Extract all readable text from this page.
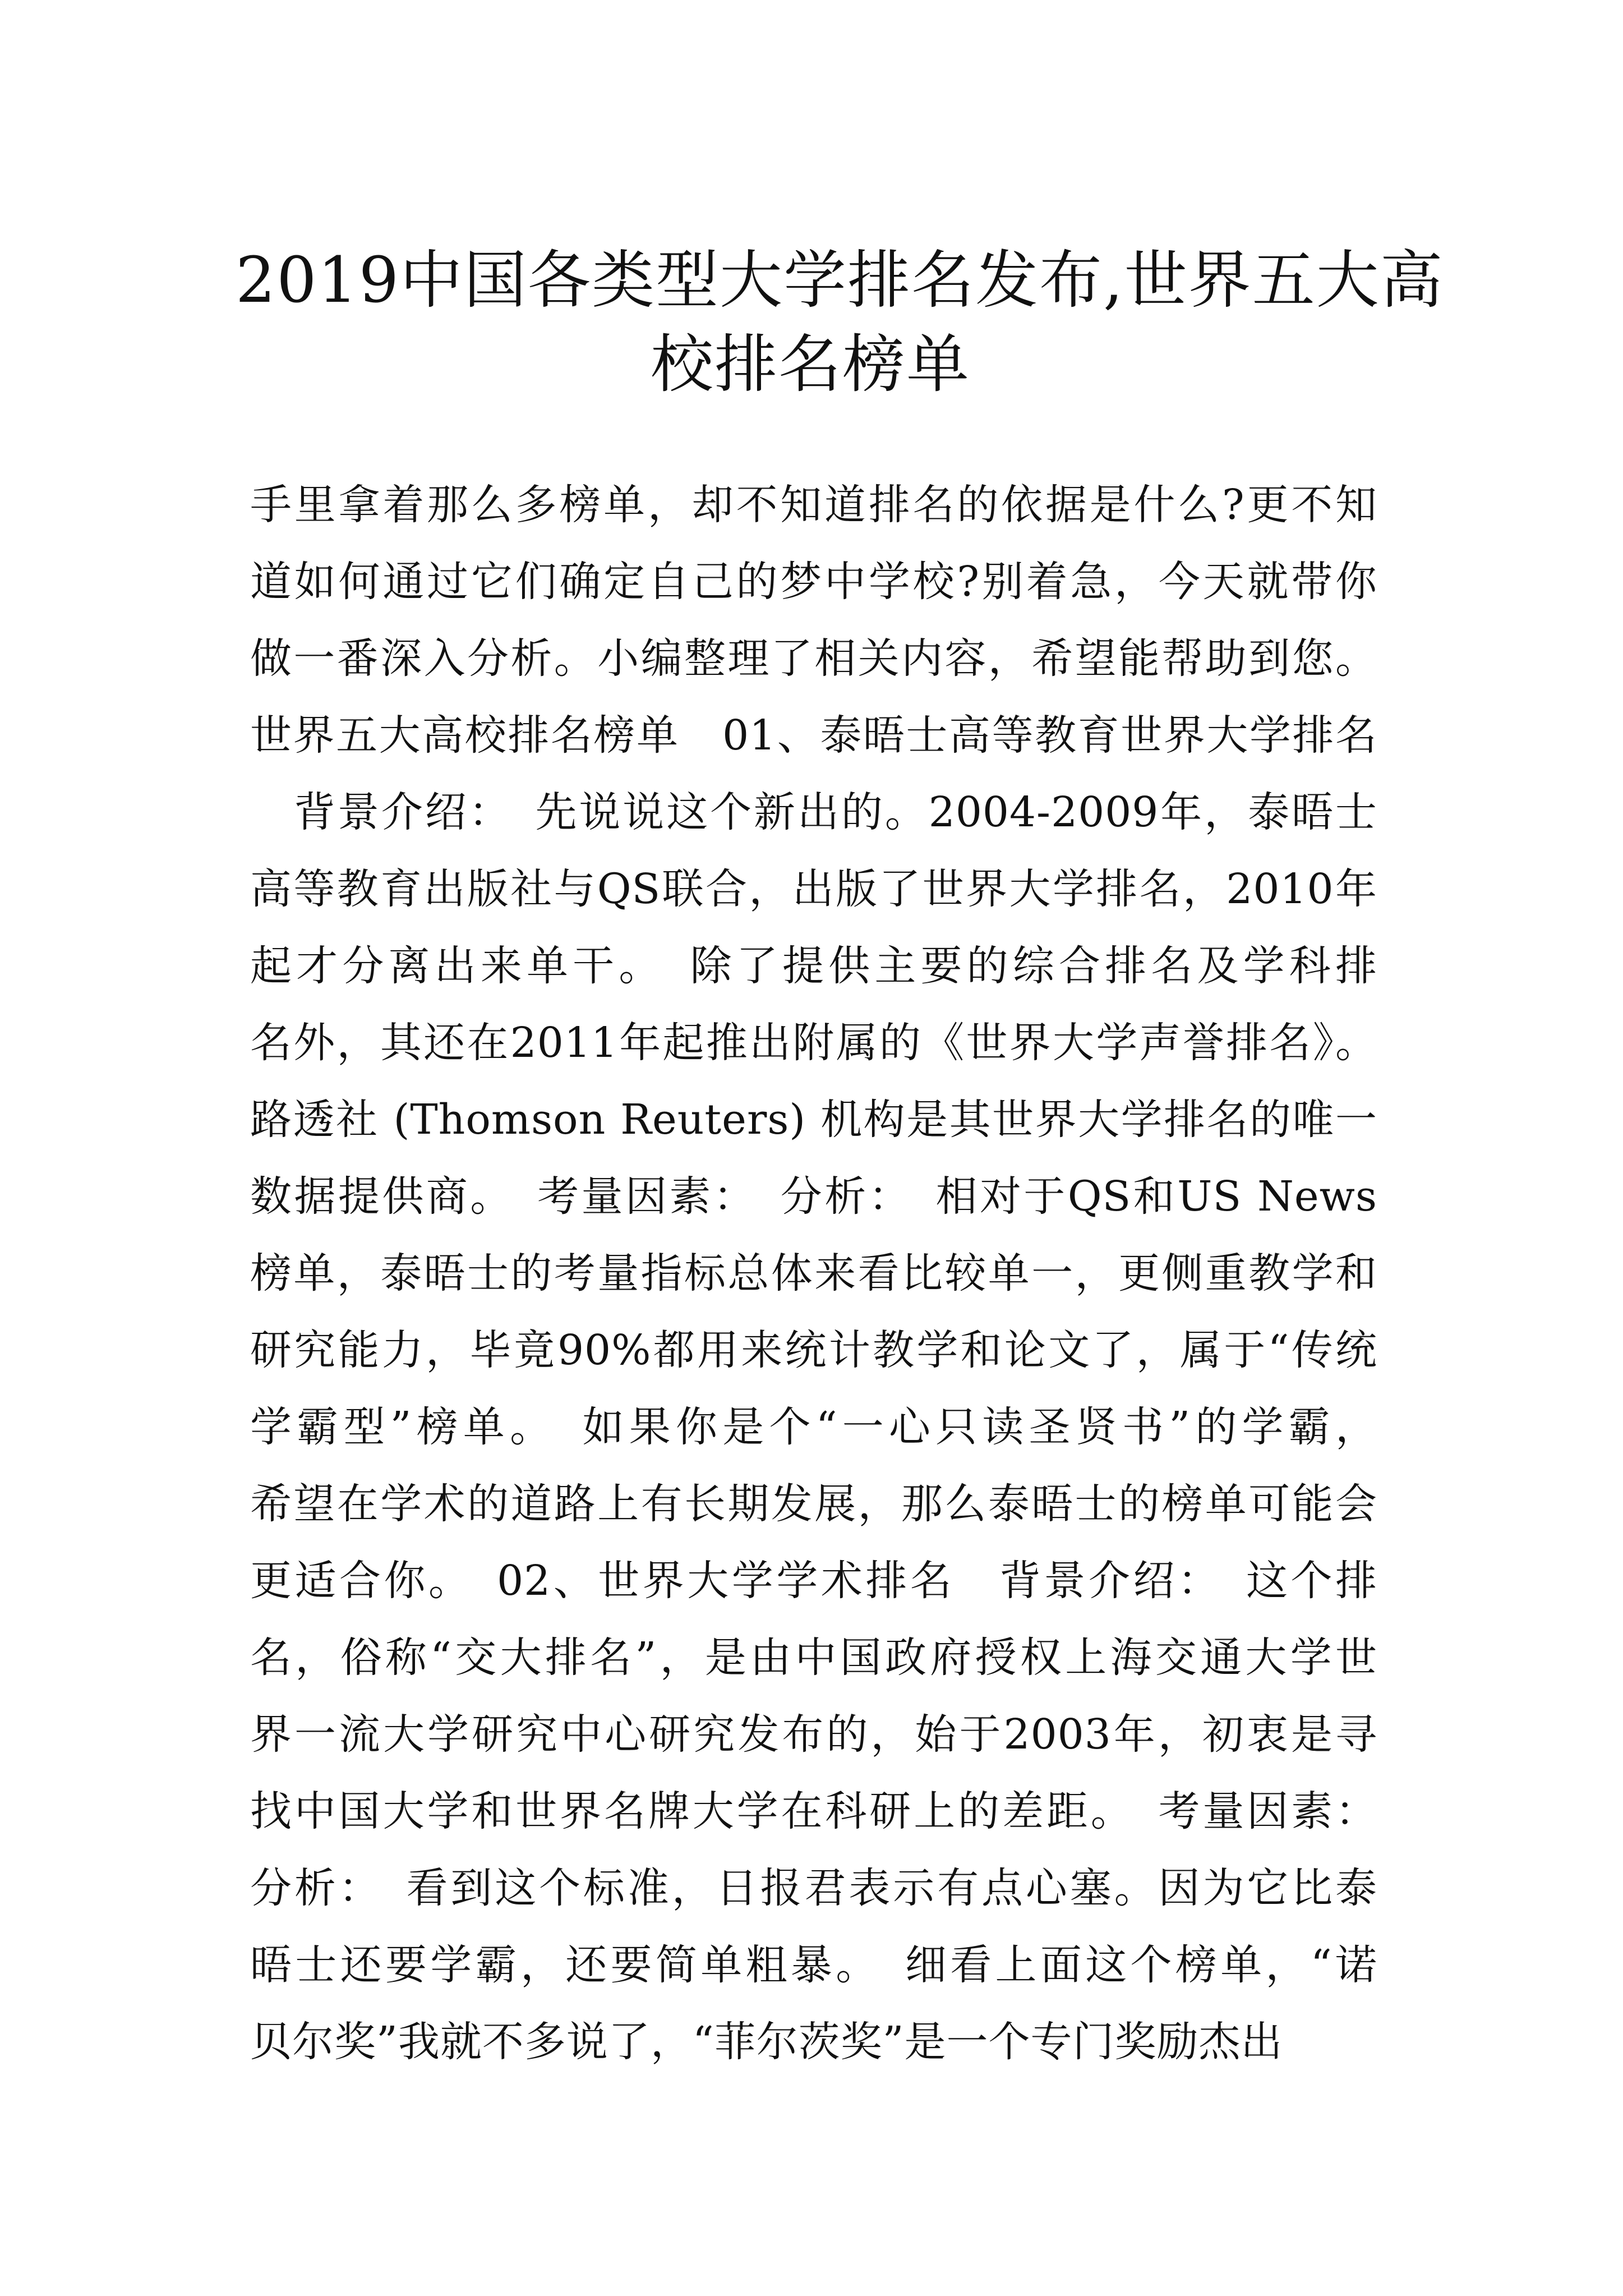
2019中国各类型大学排名发布,世界五大高
校排名榜单
手里拿着那么多榜单，却不知道排名的依据是什么?更不知
道如何通过它们确定自己的梦中学校?别着急，今天就带你
做一番深入分析。小编整理了相关内容，希望能帮助到您。
世界五大高校排名榜单　01、泰晤士高等教育世界大学排名
　背景介绍：　先说说这个新出的。2004-2009年，泰晤士
高等教育出版社与QS联合，出版了世界大学排名，2010年
起才分离出来单干。　除了提供主要的综合排名及学科排
名外，其还在2011年起推出附属的《世界大学声誉排名》。
路透社 (Thomson Reuters) 机构是其世界大学排名的唯一
数据提供商。　考量因素：　分析：　相对于QS和US News
榜单，泰晤士的考量指标总体来看比较单一，更侧重教学和
研究能力，毕竟90%都用来统计教学和论文了，属于“传统
学霸型”榜单。　如果你是个“一心只读圣贤书”的学霸，
希望在学术的道路上有长期发展，那么泰晤士的榜单可能会
更适合你。　02、世界大学学术排名　背景介绍：　这个排
名，俗称“交大排名”，是由中国政府授权上海交通大学世
界一流大学研究中心研究发布的，始于2003年，初衷是寻
找中国大学和世界名牌大学在科研上的差距。　考量因素：
分析：　看到这个标准，日报君表示有点心塞。因为它比泰
晤士还要学霸，还要简单粗暴。　细看上面这个榜单，“诺
贝尔奖”我就不多说了，“菲尔茨奖”是一个专门奖励杰出
